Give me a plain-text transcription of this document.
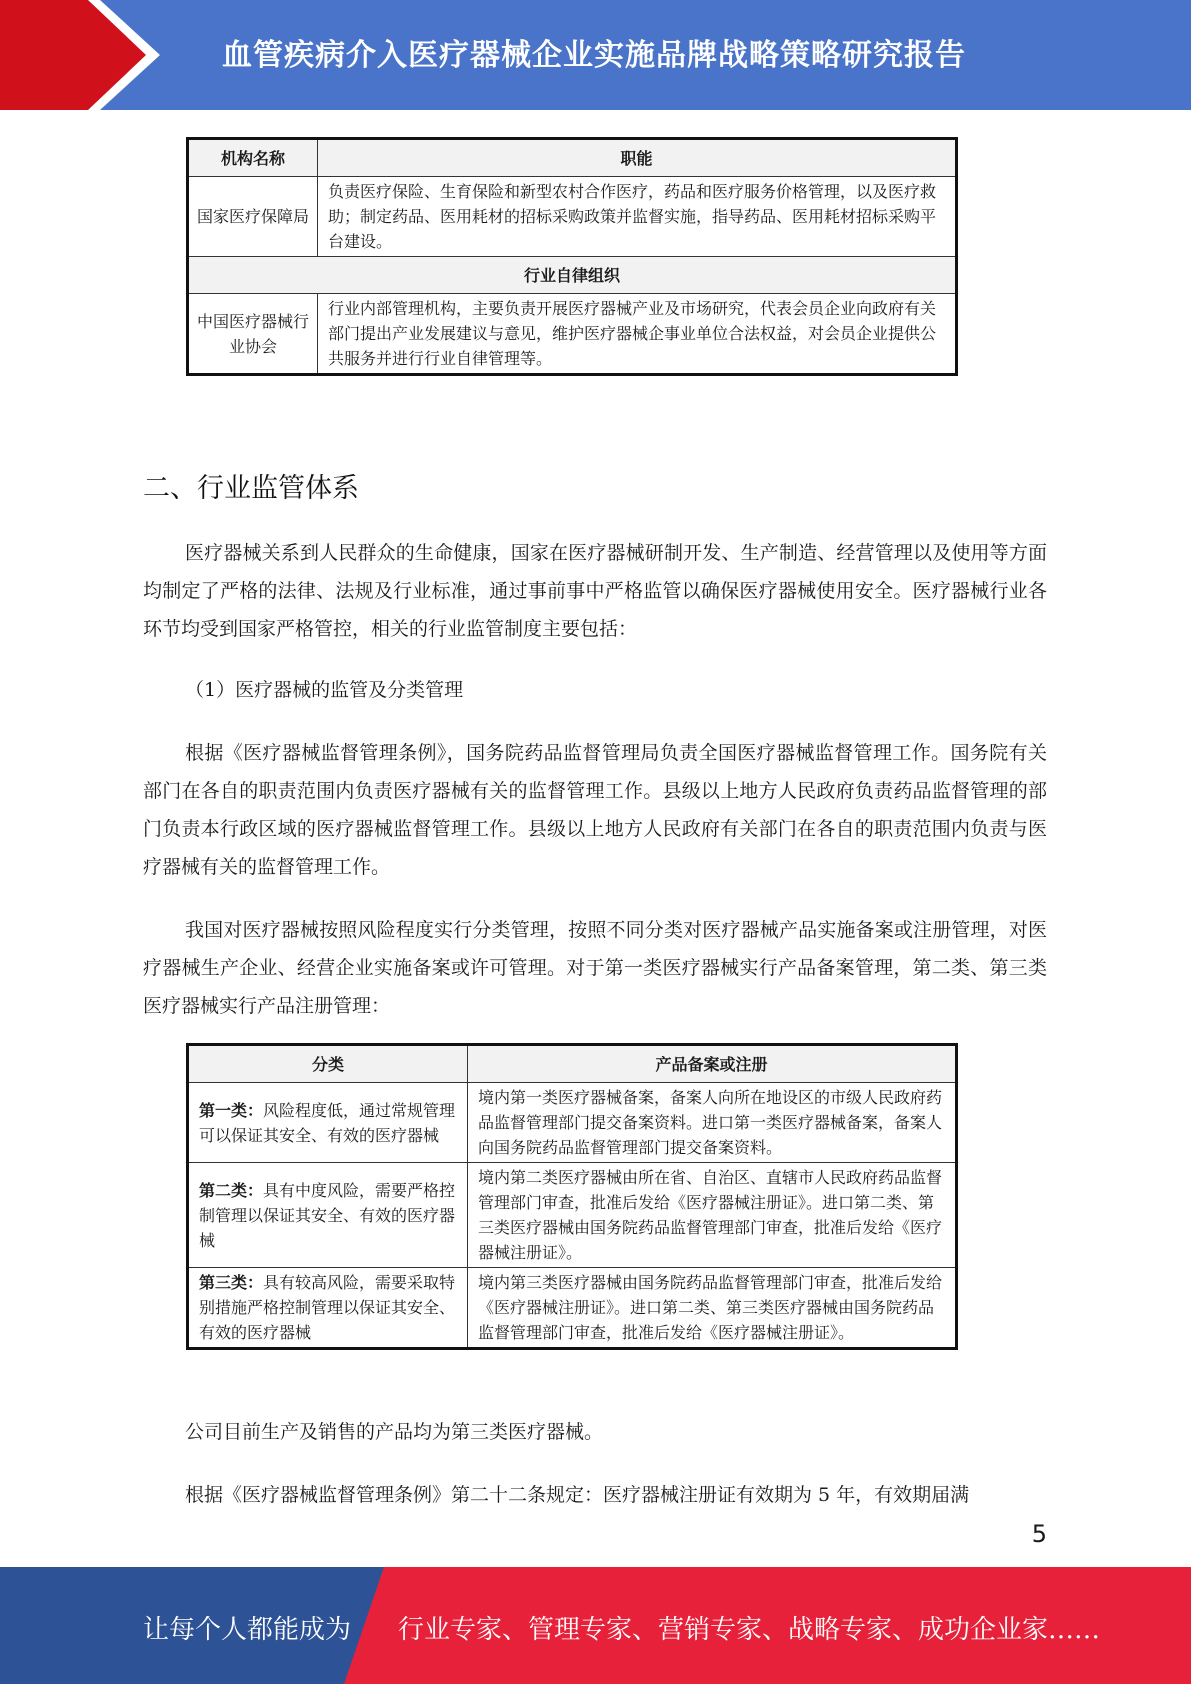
血管疾病介入医疗器械企业实施品牌战略策略研究报告
机构名称	职能
国家医疗保障局	负责医疗保险、生育保险和新型农村合作医疗，药品和医疗服务价格管理，以及医疗救助；制定药品、医用耗材的招标采购政策并监督实施，指导药品、医用耗材招标采购平台建设。
行业自律组织	
中国医疗器械行业协会	行业内部管理机构，主要负责开展医疗器械产业及市场研究，代表会员企业向政府有关部门提出产业发展建议与意见，维护医疗器械企事业单位合法权益，对会员企业提供公共服务并进行行业自律管理等。
二、行业监管体系
医疗器械关系到人民群众的生命健康，国家在医疗器械研制开发、生产制造、经营管理以及使用等方面均制定了严格的法律、法规及行业标准，通过事前事中严格监管以确保医疗器械使用安全。医疗器械行业各环节均受到国家严格管控，相关的行业监管制度主要包括：
（1）医疗器械的监管及分类管理
根据《医疗器械监督管理条例》，国务院药品监督管理局负责全国医疗器械监督管理工作。国务院有关部门在各自的职责范围内负责医疗器械有关的监督管理工作。县级以上地方人民政府负责药品监督管理的部门负责本行政区域的医疗器械监督管理工作。县级以上地方人民政府有关部门在各自的职责范围内负责与医疗器械有关的监督管理工作。
我国对医疗器械按照风险程度实行分类管理，按照不同分类对医疗器械产品实施备案或注册管理，对医疗器械生产企业、经营企业实施备案或许可管理。对于第一类医疗器械实行产品备案管理，第二类、第三类医疗器械实行产品注册管理：
分类	产品备案或注册
第一类：风险程度低，通过常规管理可以保证其安全、有效的医疗器械	境内第一类医疗器械备案，备案人向所在地设区的市级人民政府药品监督管理部门提交备案资料。进口第一类医疗器械备案，备案人向国务院药品监督管理部门提交备案资料。
第二类：具有中度风险，需要严格控制管理以保证其安全、有效的医疗器械	境内第二类医疗器械由所在省、自治区、直辖市人民政府药品监督管理部门审查，批准后发给《医疗器械注册证》。进口第二类、第三类医疗器械由国务院药品监督管理部门审查，批准后发给《医疗器械注册证》。
第三类：具有较高风险，需要采取特别措施严格控制管理以保证其安全、有效的医疗器械	境内第三类医疗器械由国务院药品监督管理部门审查，批准后发给《医疗器械注册证》。进口第二类、第三类医疗器械由国务院药品监督管理部门审查，批准后发给《医疗器械注册证》。
公司目前生产及销售的产品均为第三类医疗器械。
根据《医疗器械监督管理条例》第二十二条规定：医疗器械注册证有效期为 5 年，有效期届满
5
让每个人都能成为 行业专家、管理专家、营销专家、战略专家、成功企业家……
